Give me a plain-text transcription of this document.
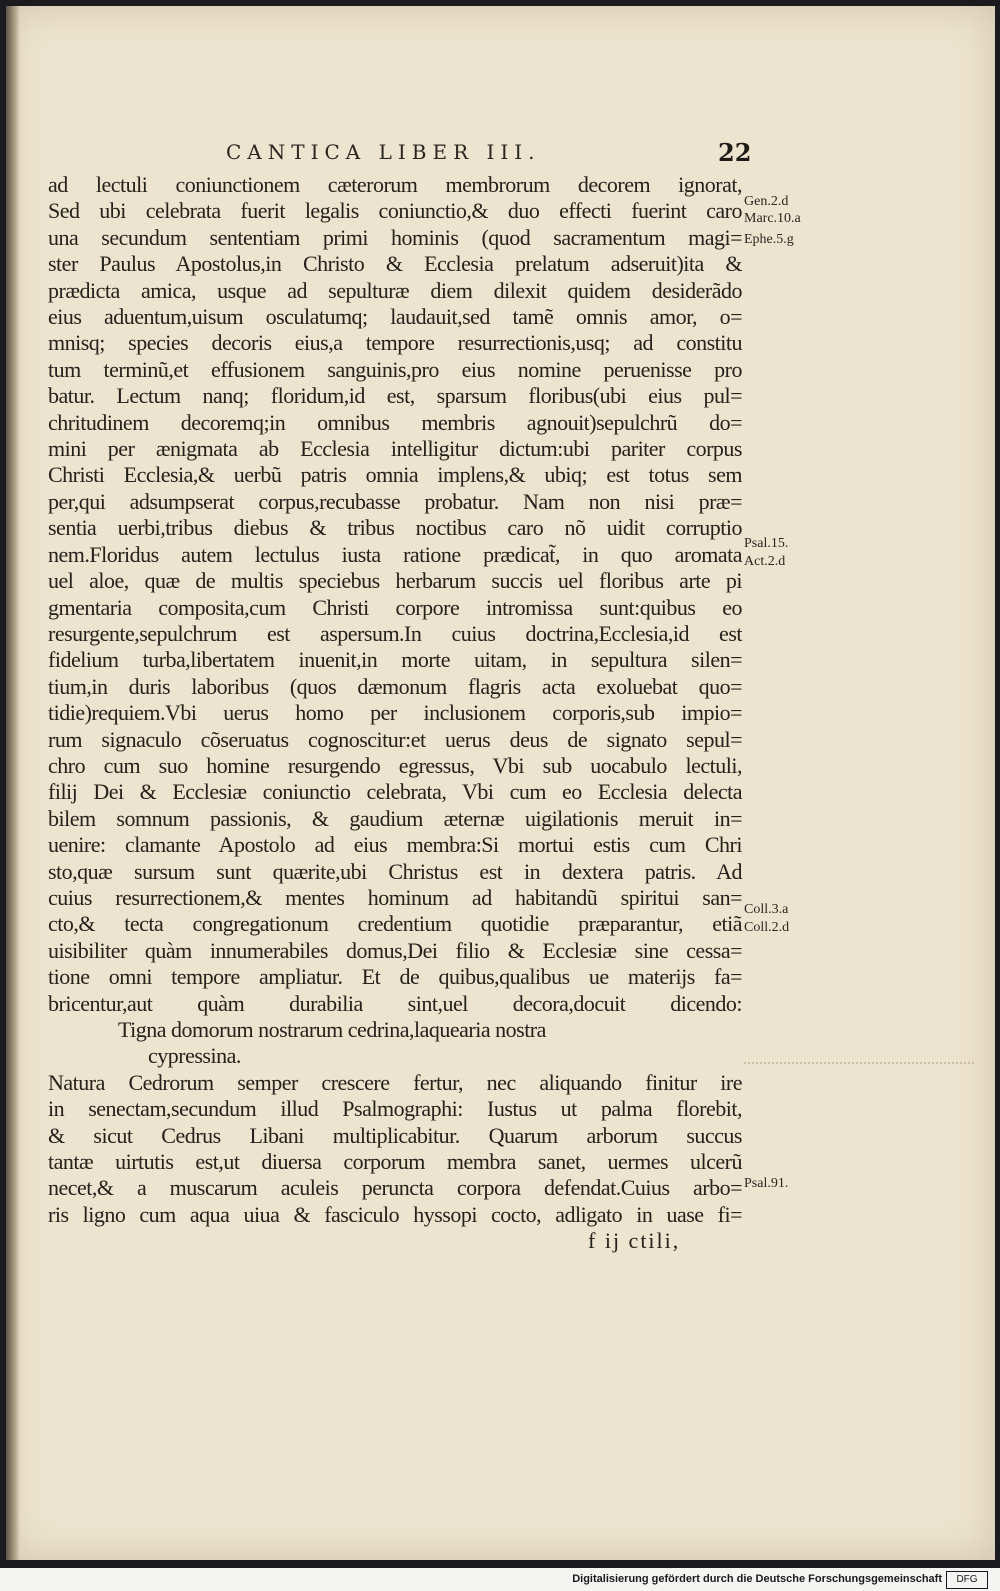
CANTICA LIBER III.	22
ad lectuli coniunctionem cæterorum membrorum decorem ignorat,
Sed ubi celebrata fuerit legalis coniunctio,& duo effecti fuerint caro
una secundum sententiam primi hominis (quod sacramentum magi=
ster Paulus Apostolus,in Christo & Ecclesia prelatum adseruit)ita &
prædicta amica, usque ad sepulturæ diem dilexit quidem desiderãdo
eius aduentum,uisum osculatumq; laudauit,sed tamẽ omnis amor, o=
mnisq; species decoris eius,a tempore resurrectionis,usq; ad constitu
tum terminũ,et effusionem sanguinis,pro eius nomine peruenisse pro
batur. Lectum nanq; floridum,id est, sparsum floribus(ubi eius pul=
chritudinem decoremq;in omnibus membris agnouit)sepulchrũ do=
mini per ænigmata ab Ecclesia intelligitur dictum:ubi pariter corpus
Christi Ecclesia,& uerbũ patris omnia implens,& ubiq; est totus sem
per,qui adsumpserat corpus,recubasse probatur. Nam non nisi præ=
sentia uerbi,tribus diebus & tribus noctibus caro nõ uidit corruptio
nem.Floridus autem lectulus iusta ratione prædicat̃, in quo aromata
uel aloe, quæ de multis speciebus herbarum succis uel floribus arte pi
gmentaria composita,cum Christi corpore intromissa sunt:quibus eo
resurgente,sepulchrum est aspersum.In cuius doctrina,Ecclesia,id est
fidelium turba,libertatem inuenit,in morte uitam, in sepultura silen=
tium,in duris laboribus (quos dæmonum flagris acta exoluebat quo=
tidie)requiem.Vbi uerus homo per inclusionem corporis,sub impio=
rum signaculo cõseruatus cognoscitur:et uerus deus de signato sepul=
chro cum suo homine resurgendo egressus, Vbi sub uocabulo lectuli,
filij Dei & Ecclesiæ coniunctio celebrata, Vbi cum eo Ecclesia delecta
bilem somnum passionis, & gaudium æternæ uigilationis meruit in=
uenire: clamante Apostolo ad eius membra:Si mortui estis cum Chri
sto,quæ sursum sunt quærite,ubi Christus est in dextera patris. Ad
cuius resurrectionem,& mentes hominum ad habitandũ spiritui san=
cto,& tecta congregationum credentium quotidie præparantur, etiã
uisibiliter quàm innumerabiles domus,Dei filio & Ecclesiæ sine cessa=
tione omni tempore ampliatur. Et de quibus,qualibus ue materijs fa=
bricentur,aut quàm durabilia sint,uel decora,docuit dicendo:
Tigna domorum nostrarum cedrina,laquearia nostra
cypressina.
Natura Cedrorum semper crescere fertur, nec aliquando finitur ire
in senectam,secundum illud Psalmographi: Iustus ut palma florebit,
& sicut Cedrus Libani multiplicabitur. Quarum arborum succus
tantæ uirtutis est,ut diuersa corporum membra sanet, uermes ulcerũ
necet,& a muscarum aculeis peruncta corpora defendat.Cuius arbo=
ris ligno cum aqua uiua & fasciculo hyssopi cocto, adligato in uase fi=
f ij ctili,
Gen.2.d
Marc.10.a
Ephe.5.g
Psal.15.
Act.2.d
Coll.3.a
Coll.2.d
Psal.91.
Digitalisierung gefördert durch die Deutsche Forschungsgemeinschaft	DFG
